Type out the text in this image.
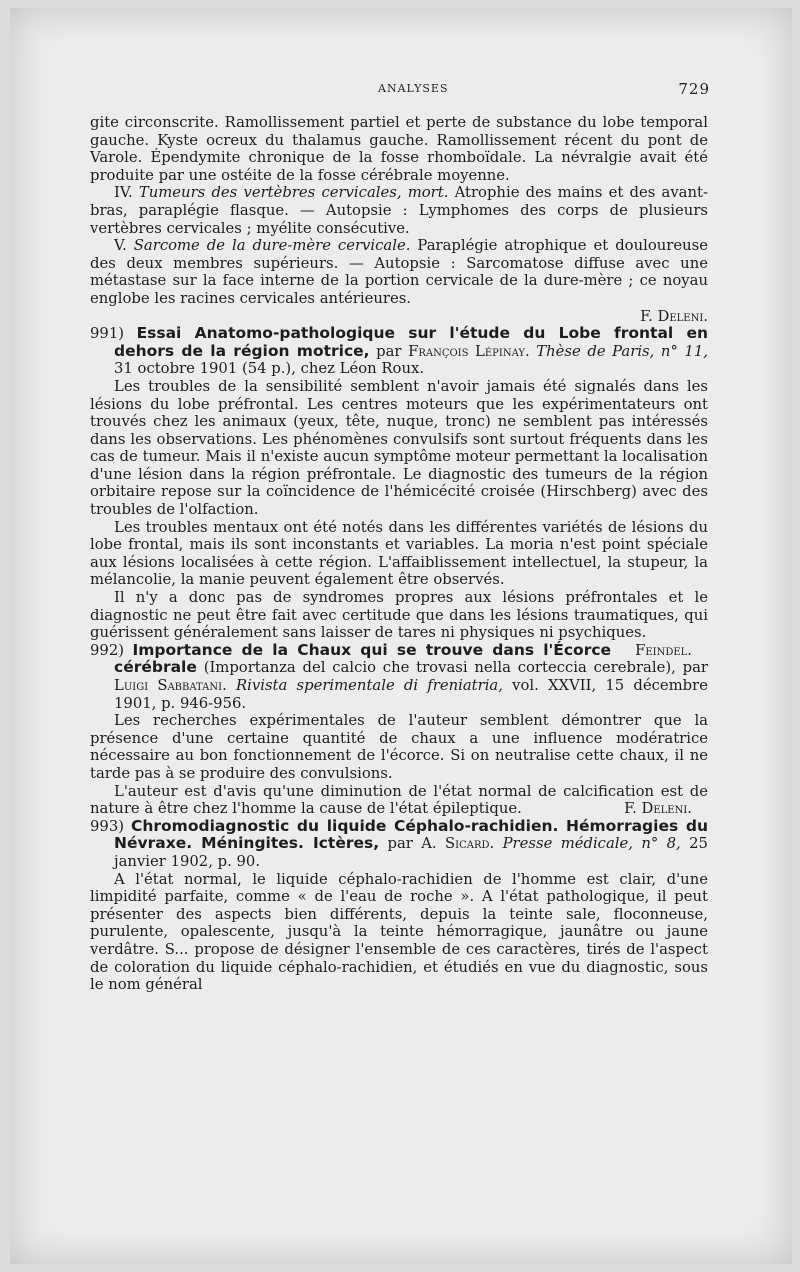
ANALYSES	729

gite circonscrite. Ramollissement partiel et perte de substance du lobe temporal gauche. Kyste ocreux du thalamus gauche. Ramollissement récent du pont de Varole. Épendymite chronique de la fosse rhomboïdale. La névralgie avait été produite par une ostéite de la fosse cérébrale moyenne.

IV. Tumeurs des vertèbres cervicales, mort. Atrophie des mains et des avant-bras, paraplégie flasque. — Autopsie : Lymphomes des corps de plusieurs vertèbres cervicales ; myélite consécutive.

V. Sarcome de la dure-mère cervicale. Paraplégie atrophique et douloureuse des deux membres supérieurs. — Autopsie : Sarcomatose diffuse avec une métastase sur la face interne de la portion cervicale de la dure-mère ; ce noyau englobe les racines cervicales antérieures.

F. Deleni.

991) Essai Anatomo-pathologique sur l'étude du Lobe frontal en dehors de la région motrice, par François Lépinay. Thèse de Paris, n° 11, 31 octobre 1901 (54 p.), chez Léon Roux.

Les troubles de la sensibilité semblent n'avoir jamais été signalés dans les lésions du lobe préfrontal. Les centres moteurs que les expérimentateurs ont trouvés chez les animaux (yeux, tête, nuque, tronc) ne semblent pas intéressés dans les observations. Les phénomènes convulsifs sont surtout fréquents dans les cas de tumeur. Mais il n'existe aucun symptôme moteur permettant la localisation d'une lésion dans la région préfrontale. Le diagnostic des tumeurs de la région orbitaire repose sur la coïncidence de l'hémicécité croisée (Hirschberg) avec des troubles de l'olfaction.

Les troubles mentaux ont été notés dans les différentes variétés de lésions du lobe frontal, mais ils sont inconstants et variables. La moria n'est point spéciale aux lésions localisées à cette région. L'affaiblissement intellectuel, la stupeur, la mélancolie, la manie peuvent également être observés.

Il n'y a donc pas de syndromes propres aux lésions préfrontales et le diagnostic ne peut être fait avec certitude que dans les lésions traumatiques, qui guérissent généralement sans laisser de tares ni physiques ni psychiques.
Feindel.

992) Importance de la Chaux qui se trouve dans l'Écorce cérébrale (Importanza del calcio che trovasi nella corteccia cerebrale), par Luigi Sabbatani. Rivista sperimentale di freniatria, vol. XXVII, 15 décembre 1901, p. 946-956.

Les recherches expérimentales de l'auteur semblent démontrer que la présence d'une certaine quantité de chaux a une influence modératrice nécessaire au bon fonctionnement de l'écorce. Si on neutralise cette chaux, il ne tarde pas à se produire des convulsions.

L'auteur est d'avis qu'une diminution de l'état normal de calcification est de nature à être chez l'homme la cause de l'état épileptique.	F. Deleni.

993) Chromodiagnostic du liquide Céphalo-rachidien. Hémorragies du Névraxe. Méningites. Ictères, par A. Sicard. Presse médicale, n° 8, 25 janvier 1902, p. 90.

A l'état normal, le liquide céphalo-rachidien de l'homme est clair, d'une limpidité parfaite, comme « de l'eau de roche ». A l'état pathologique, il peut présenter des aspects bien différents, depuis la teinte sale, floconneuse, purulente, opalescente, jusqu'à la teinte hémorragique, jaunâtre ou jaune verdâtre. S... propose de désigner l'ensemble de ces caractères, tirés de l'aspect de coloration du liquide céphalo-rachidien, et étudiés en vue du diagnostic, sous le nom général
